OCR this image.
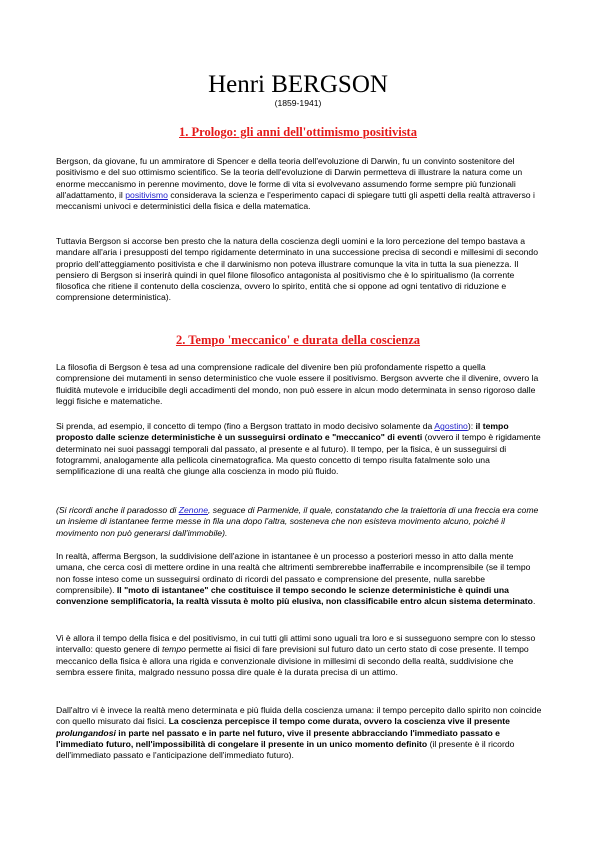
Henri BERGSON
(1859-1941)
1. Prologo: gli anni dell'ottimismo positivista

Bergson, da giovane, fu un ammiratore di Spencer e della teoria dell'evoluzione di Darwin, fu un convinto sostenitore del positivismo e del suo ottimismo scientifico. Se la teoria dell'evoluzione di Darwin permetteva di illustrare la natura come un enorme meccanismo in perenne movimento, dove le forme di vita si evolvevano assumendo forme sempre più funzionali all'adattamento, il positivismo considerava la scienza e l'esperimento capaci di spiegare tutti gli aspetti della realtà attraverso i meccanismi univoci e deterministici della fisica e della matematica.

Tuttavia Bergson si accorse ben presto che la natura della coscienza degli uomini e la loro percezione del tempo bastava a mandare all'aria i presupposti del tempo rigidamente determinato in una successione precisa di secondi e millesimi di secondo proprio dell'atteggiamento positivista e che il darwinismo non poteva illustrare comunque la vita in tutta la sua pienezza. Il pensiero di Bergson si inserirà quindi in quel filone filosofico antagonista al positivismo che è lo spiritualismo (la corrente filosofica che ritiene il contenuto della coscienza, ovvero lo spirito, entità che si oppone ad ogni tentativo di riduzione e comprensione deterministica).

2. Tempo 'meccanico' e durata della coscienza

La filosofia di Bergson è tesa ad una comprensione radicale del divenire ben più profondamente rispetto a quella comprensione dei mutamenti in senso deterministico che vuole essere il positivismo. Bergson avverte che il divenire, ovvero la fluidità mutevole e irriducibile degli accadimenti del mondo, non può essere in alcun modo determinata in senso rigoroso dalle leggi fisiche e matematiche.

Si prenda, ad esempio, il concetto di tempo (fino a Bergson trattato in modo decisivo solamente da Agostino): il tempo proposto dalle scienze deterministiche è un susseguirsi ordinato e "meccanico" di eventi (ovvero il tempo è rigidamente determinato nei suoi passaggi temporali dal passato, al presente e al futuro). Il tempo, per la fisica, è un susseguirsi di fotogrammi, analogamente alla pellicola cinematografica. Ma questo concetto di tempo risulta fatalmente solo una semplificazione di una realtà che giunge alla coscienza in modo più fluido.

(Si ricordi anche il paradosso di Zenone, seguace di Parmenide, il quale, constatando che la traiettoria di una freccia era come un insieme di istantanee ferme messe in fila una dopo l'altra, sosteneva che non esisteva movimento alcuno, poiché il movimento non può generarsi dall'immobile).

In realtà, afferma Bergson, la suddivisione dell'azione in istantanee è un processo a posteriori messo in atto dalla mente umana, che cerca così di mettere ordine in una realtà che altrimenti sembrerebbe inafferrabile e incomprensibile (se il tempo non fosse inteso come un susseguirsi ordinato di ricordi del passato e comprensione del presente, nulla sarebbe comprensibile). Il "moto di istantanee" che costituisce il tempo secondo le scienze deterministiche è quindi una convenzione semplificatoria, la realtà vissuta è molto più elusiva, non classificabile entro alcun sistema determinato.

Vi è allora il tempo della fisica e del positivismo, in cui tutti gli attimi sono uguali tra loro e si susseguono sempre con lo stesso intervallo: questo genere di tempo permette ai fisici di fare previsioni sul futuro dato un certo stato di cose presente. Il tempo meccanico della fisica è allora una rigida e convenzionale divisione in millesimi di secondo della realtà, suddivisione che sembra essere finita, malgrado nessuno possa dire quale è la durata precisa di un attimo.

Dall'altro vi è invece la realtà meno determinata e più fluida della coscienza umana: il tempo percepito dallo spirito non coincide con quello misurato dai fisici. La coscienza percepisce il tempo come durata, ovvero la coscienza vive il presente prolungandosi in parte nel passato e in parte nel futuro, vive il presente abbracciando l'immediato passato e l'immediato futuro, nell'impossibilità di congelare il presente in un unico momento definito (il presente è il ricordo dell'immediato passato e l'anticipazione dell'immediato futuro).
